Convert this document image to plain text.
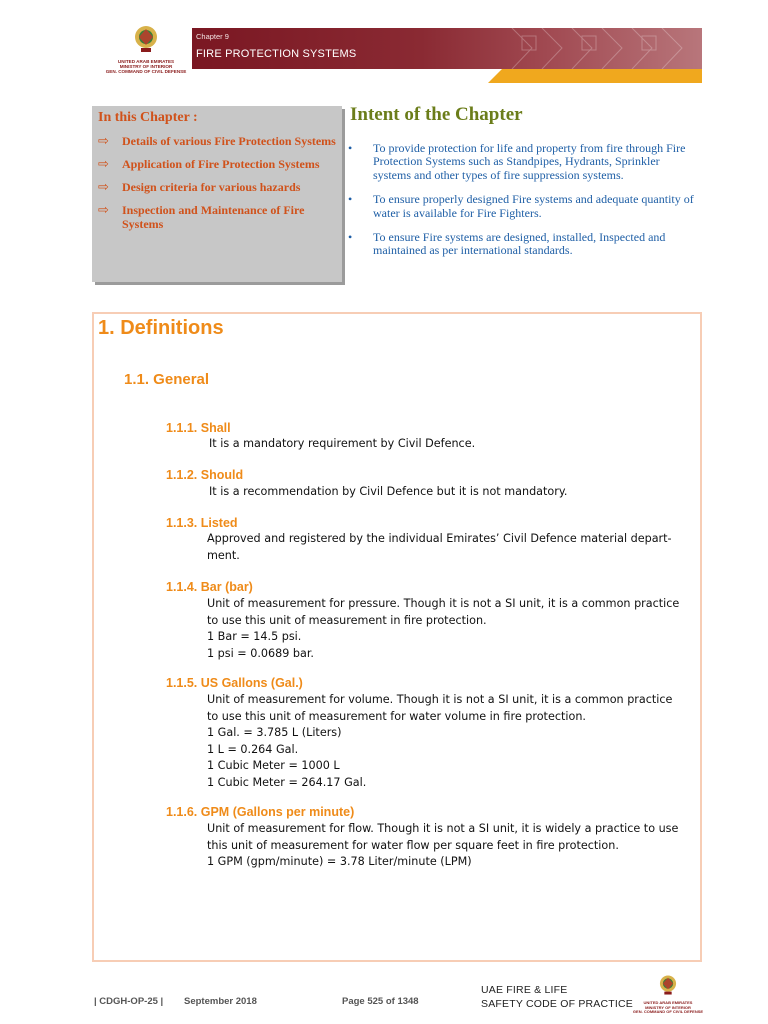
UNITED ARAB EMIRATES
MINISTRY OF INTERIOR
GEN. COMMAND OF CIVIL DEFENSE
Chapter 9
FIRE PROTECTION SYSTEMS
In this Chapter :
⇨ Details of various Fire Protection Systems
⇨ Application of Fire Protection Systems
⇨ Design criteria for various hazards
⇨ Inspection and Maintenance of Fire Systems
Intent of the Chapter
• To provide protection for life and property from fire through Fire Protection Systems such as Standpipes, Hydrants, Sprinkler systems and other types of fire suppression systems.
• To ensure properly designed Fire systems and adequate quantity of water is available for Fire Fighters.
• To ensure Fire systems are designed, installed, Inspected and maintained as per international standards.
1. Definitions
1.1. General
1.1.1. Shall
It is a mandatory requirement by Civil Defence.
1.1.2. Should
It is a recommendation by Civil Defence but it is not mandatory.
1.1.3. Listed
Approved and registered by the individual Emirates’ Civil Defence material depart-
ment.
1.1.4. Bar (bar)
Unit of measurement for pressure. Though it is not a SI unit, it is a common practice
to use this unit of measurement in fire protection.
1 Bar = 14.5 psi.
1 psi = 0.0689 bar.
1.1.5. US Gallons (Gal.)
Unit of measurement for volume. Though it is not a SI unit, it is a common practice
to use this unit of measurement for water volume in fire protection.
1 Gal. = 3.785 L (Liters)
1 L = 0.264 Gal.
1 Cubic Meter = 1000 L
1 Cubic Meter = 264.17 Gal.
1.1.6. GPM (Gallons per minute)
Unit of measurement for flow. Though it is not a SI unit, it is widely a practice to use
this unit of measurement for water flow per square feet in fire protection.
1 GPM (gpm/minute) = 3.78 Liter/minute (LPM)
| CDGH-OP-25 | September 2018	Page 525 of 1348
UAE FIRE & LIFE
SAFETY CODE OF PRACTICE	UNITED ARAB EMIRATES
MINISTRY OF INTERIOR
GEN. COMMAND OF CIVIL DEFENSE
